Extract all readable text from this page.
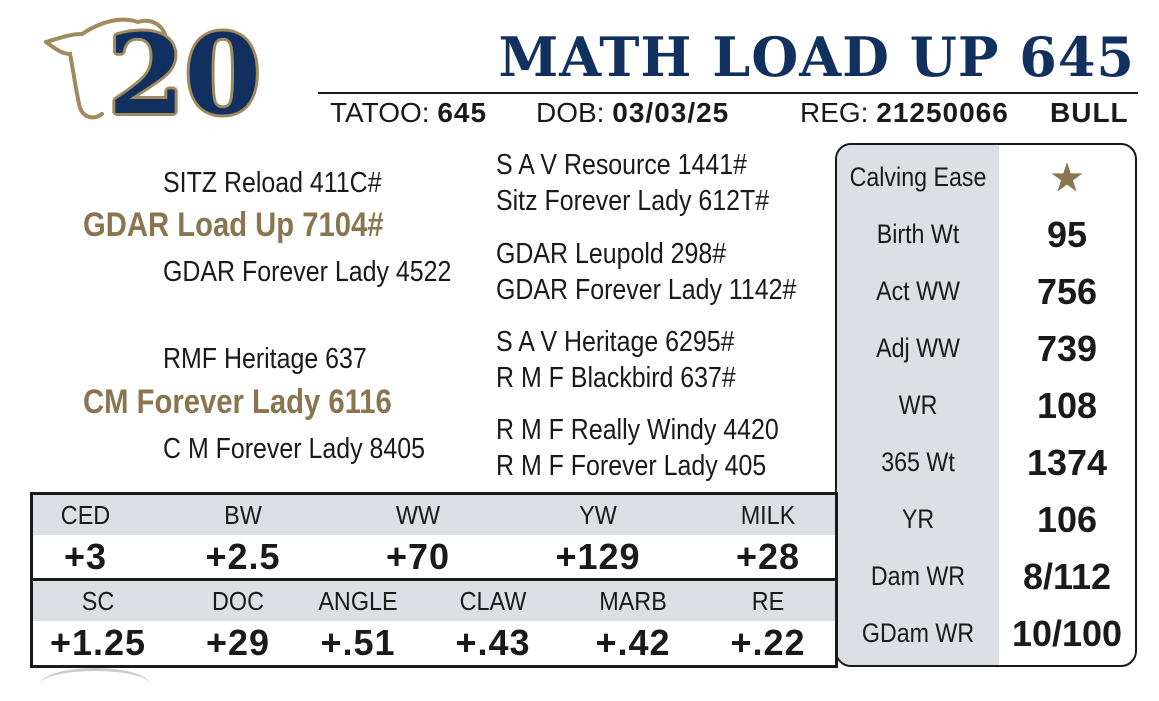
20	MATH LOAD UP 645
TATOO: 645 DOB: 03/03/25	REG: 21250066 BULL
SITZ Reload 411C#
GDAR Load Up 7104#
GDAR Forever Lady 4522
RMF Heritage 637
CM Forever Lady 6116
C M Forever Lady 8405
S A V Resource 1441#
Sitz Forever Lady 612T#
GDAR Leupold 298#
GDAR Forever Lady 1142#
S A V Heritage 6295#
R M F Blackbird 637#
R M F Really Windy 4420
R M F Forever Lady 405
Calving Ease	★
Birth Wt	95
Act WW	756
Adj WW	739
WR	108
365 Wt	1374
YR	106
Dam WR	8/112
GDam WR	10/100
CED	BW	WW	YW	MILK
+3	+2.5	+70	+129	+28
SC	DOC	ANGLE	CLAW	MARB	RE
+1.25	+29	+.51	+.43	+.42	+.22
